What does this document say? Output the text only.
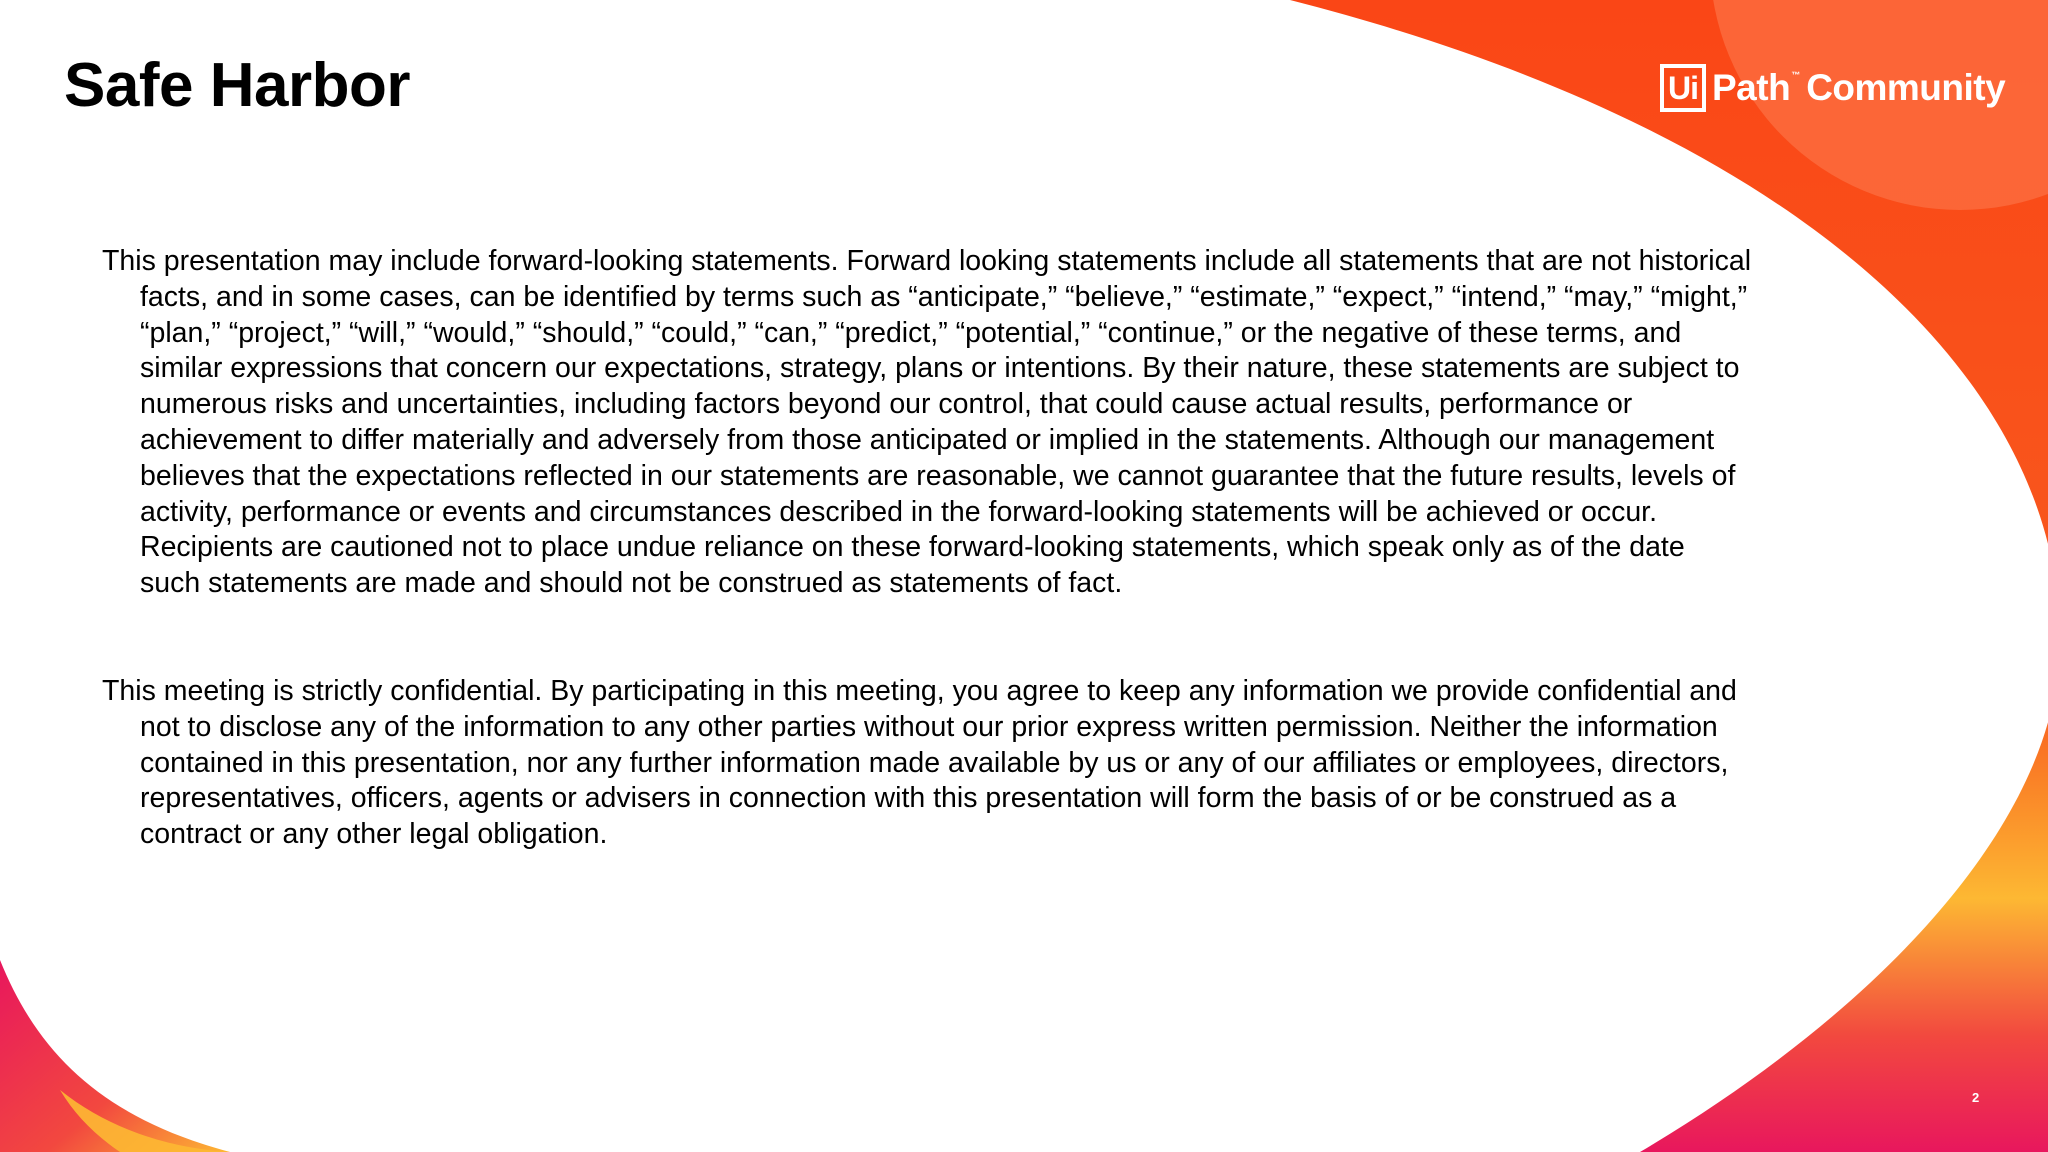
Safe Harbor	Ui Path ™ Community

This presentation may include forward-looking statements. Forward looking statements include all statements that are not historical facts, and in some cases, can be identified by terms such as “anticipate,” “believe,” “estimate,” “expect,” “intend,” “may,” “might,” “plan,” “project,” “will,” “would,” “should,” “could,” “can,” “predict,” “potential,” “continue,” or the negative of these terms, and similar expressions that concern our expectations, strategy, plans or intentions. By their nature, these statements are subject to numerous risks and uncertainties, including factors beyond our control, that could cause actual results, performance or achievement to differ materially and adversely from those anticipated or implied in the statements. Although our management believes that the expectations reflected in our statements are reasonable, we cannot guarantee that the future results, levels of activity, performance or events and circumstances described in the forward-looking statements will be achieved or occur. Recipients are cautioned not to place undue reliance on these forward-looking statements, which speak only as of the date such statements are made and should not be construed as statements of fact.

This meeting is strictly confidential. By participating in this meeting, you agree to keep any information we provide confidential and not to disclose any of the information to any other parties without our prior express written permission. Neither the information contained in this presentation, nor any further information made available by us or any of our affiliates or employees, directors, representatives, officers, agents or advisers in connection with this presentation will form the basis of or be construed as a contract or any other legal obligation.

2
